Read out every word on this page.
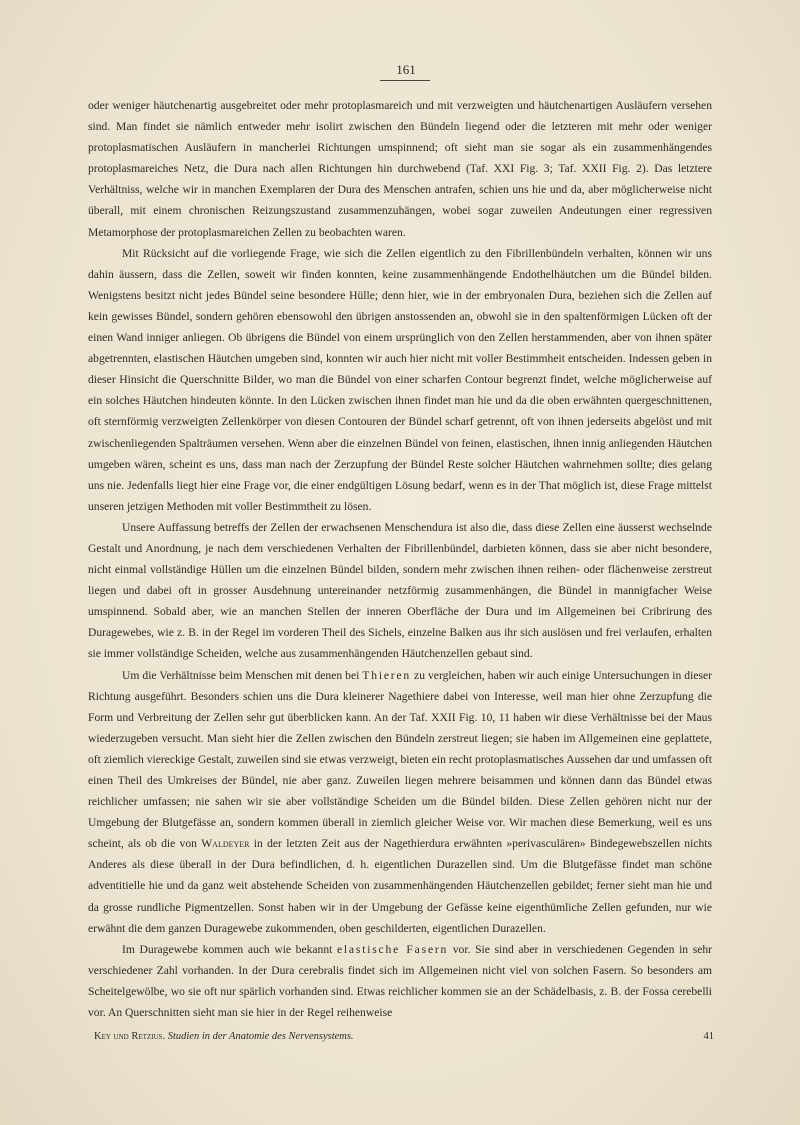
161

oder weniger häutchenartig ausgebreitet oder mehr protoplasmareich und mit verzweigten und häutchenartigen Ausläufern versehen sind. Man findet sie nämlich entweder mehr isolirt zwischen den Bündeln liegend oder die letzteren mit mehr oder weniger protoplasmatischen Ausläufern in mancherlei Richtungen umspinnend; oft sieht man sie sogar als ein zusammenhängendes protoplasmareiches Netz, die Dura nach allen Richtungen hin durchwebend (Taf. XXI Fig. 3; Taf. XXII Fig. 2). Das letztere Verhältniss, welche wir in manchen Exemplaren der Dura des Menschen antrafen, schien uns hie und da, aber möglicherweise nicht überall, mit einem chronischen Reizungszustand zusammenzuhängen, wobei sogar zuweilen Andeutungen einer regressiven Metamorphose der protoplasmareichen Zellen zu beobachten waren.

Mit Rücksicht auf die vorliegende Frage, wie sich die Zellen eigentlich zu den Fibrillenbündeln verhalten, können wir uns dahin äussern, dass die Zellen, soweit wir finden konnten, keine zusammenhängende Endothelhäutchen um die Bündel bilden. Wenigstens besitzt nicht jedes Bündel seine besondere Hülle; denn hier, wie in der embryonalen Dura, beziehen sich die Zellen auf kein gewisses Bündel, sondern gehören ebensowohl den übrigen anstossenden an, obwohl sie in den spaltenförmigen Lücken oft der einen Wand inniger anliegen. Ob übrigens die Bündel von einem ursprünglich von den Zellen herstammenden, aber von ihnen später abgetrennten, elastischen Häutchen umgeben sind, konnten wir auch hier nicht mit voller Bestimmheit entscheiden. Indessen geben in dieser Hinsicht die Querschnitte Bilder, wo man die Bündel von einer scharfen Contour begrenzt findet, welche möglicherweise auf ein solches Häutchen hindeuten könnte. In den Lücken zwischen ihnen findet man hie und da die oben erwähnten quergeschnittenen, oft sternförmig verzweigten Zellenkörper von diesen Contouren der Bündel scharf getrennt, oft von ihnen jederseits abgelöst und mit zwischenliegenden Spalträumen versehen. Wenn aber die einzelnen Bündel von feinen, elastischen, ihnen innig anliegenden Häutchen umgeben wären, scheint es uns, dass man nach der Zerzupfung der Bündel Reste solcher Häutchen wahrnehmen sollte; dies gelang uns nie. Jedenfalls liegt hier eine Frage vor, die einer endgültigen Lösung bedarf, wenn es in der That möglich ist, diese Frage mittelst unseren jetzigen Methoden mit voller Bestimmtheit zu lösen.

Unsere Auffassung betreffs der Zellen der erwachsenen Menschendura ist also die, dass diese Zellen eine äusserst wechselnde Gestalt und Anordnung, je nach dem verschiedenen Verhalten der Fibrillenbündel, darbieten können, dass sie aber nicht besondere, nicht einmal vollständige Hüllen um die einzelnen Bündel bilden, sondern mehr zwischen ihnen reihen- oder flächenweise zerstreut liegen und dabei oft in grosser Ausdehnung untereinander netzförmig zusammenhängen, die Bündel in mannigfacher Weise umspinnend. Sobald aber, wie an manchen Stellen der inneren Oberfläche der Dura und im Allgemeinen bei Cribrirung des Duragewebes, wie z. B. in der Regel im vorderen Theil des Sichels, einzelne Balken aus ihr sich auslösen und frei verlaufen, erhalten sie immer vollständige Scheiden, welche aus zusammenhängenden Häutchenzellen gebaut sind.

Um die Verhältnisse beim Menschen mit denen bei Thieren zu vergleichen, haben wir auch einige Untersuchungen in dieser Richtung ausgeführt. Besonders schien uns die Dura kleinerer Nagethiere dabei von Interesse, weil man hier ohne Zerzupfung die Form und Verbreitung der Zellen sehr gut überblicken kann. An der Taf. XXII Fig. 10, 11 haben wir diese Verhältnisse bei der Maus wiederzugeben versucht. Man sieht hier die Zellen zwischen den Bündeln zerstreut liegen; sie haben im Allgemeinen eine geplattete, oft ziemlich viereckige Gestalt, zuweilen sind sie etwas verzweigt, bieten ein recht protoplasmatisches Aussehen dar und umfassen oft einen Theil des Umkreises der Bündel, nie aber ganz. Zuweilen liegen mehrere beisammen und können dann das Bündel etwas reichlicher umfassen; nie sahen wir sie aber vollständige Scheiden um die Bündel bilden. Diese Zellen gehören nicht nur der Umgebung der Blutgefässe an, sondern kommen überall in ziemlich gleicher Weise vor. Wir machen diese Bemerkung, weil es uns scheint, als ob die von Waldeyer in der letzten Zeit aus der Nagethierdura erwähnten »perivasculären» Bindegewebszellen nichts Anderes als diese überall in der Dura befindlichen, d. h. eigentlichen Durazellen sind. Um die Blutgefässe findet man schöne adventitielle hie und da ganz weit abstehende Scheiden von zusammenhängenden Häutchenzellen gebildet; ferner sieht man hie und da grosse rundliche Pigmentzellen. Sonst haben wir in der Umgebung der Gefässe keine eigenthümliche Zellen gefunden, nur wie erwähnt die dem ganzen Duragewebe zukommenden, oben geschilderten, eigentlichen Durazellen.

Im Duragewebe kommen auch wie bekannt elastische Fasern vor. Sie sind aber in verschiedenen Gegenden in sehr verschiedener Zahl vorhanden. In der Dura cerebralis findet sich im Allgemeinen nicht viel von solchen Fasern. So besonders am Scheitelgewölbe, wo sie oft nur spärlich vorhanden sind. Etwas reichlicher kommen sie an der Schädelbasis, z. B. der Fossa cerebelli vor. An Querschnitten sieht man sie hier in der Regel reihenweise

Key und Retzius. Studien in der Anatomie des Nervensystems.	41
